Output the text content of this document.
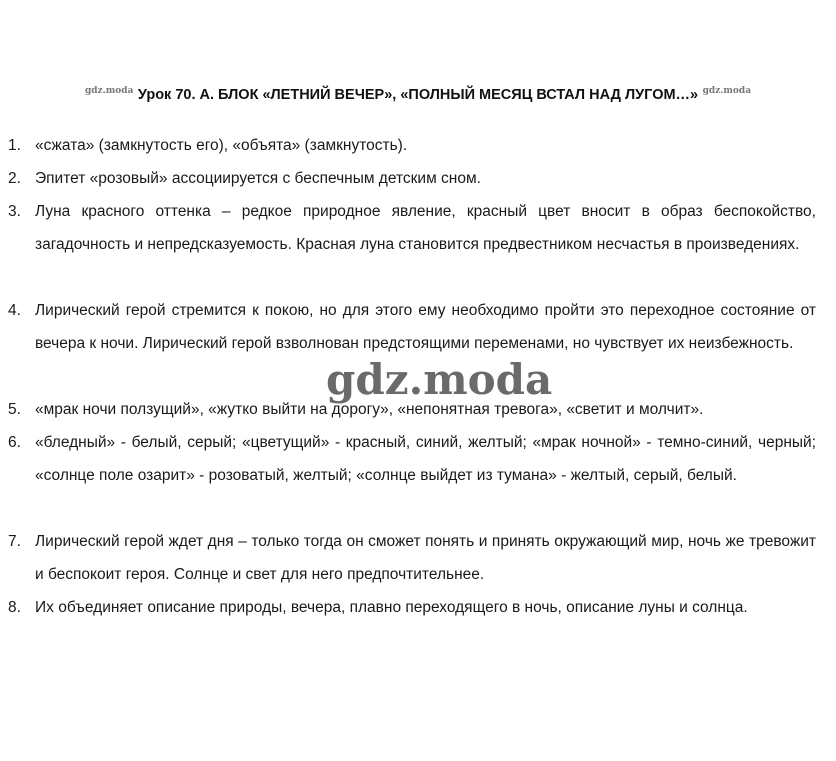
$^{gdz.moda}$ Урок 70. А. БЛОК «ЛЕТНИЙ ВЕЧЕР», «ПОЛНЫЙ МЕСЯЦ ВСТАЛ НАД ЛУГОМ…» $^{gdz.moda}$
1. «сжата» (замкнутость его), «объята» (замкнутость).
2. Эпитет «розовый» ассоциируется с беспечным детским сном.
3. Луна красного оттенка – редкое природное явление, красный цвет вносит в образ беспокойство, загадочность и непредсказуемость. Красная луна становится предвестником несчастья в произведениях.
4. Лирический герой стремится к покою, но для этого ему необходимо пройти это переходное состояние от вечера к ночи. Лирический герой взволнован предстоящими переменами, но чувствует их неизбежность.
5. «мрак ночи ползущий», «жутко выйти на дорогу», «непонятная тревога», «светит и молчит».
6. «бледный» - белый, серый; «цветущий» - красный, синий, желтый; «мрак ночной» - темно-синий, черный; «солнце поле озарит» - розоватый, желтый; «солнце выйдет из тумана» - желтый, серый, белый.
7. Лирический герой ждет дня – только тогда он сможет понять и принять окружающий мир, ночь же тревожит и беспокоит героя. Солнце и свет для него предпочтительнее.
8. Их объединяет описание природы, вечера, плавно переходящего в ночь, описание луны и солнца.
gdz.moda
